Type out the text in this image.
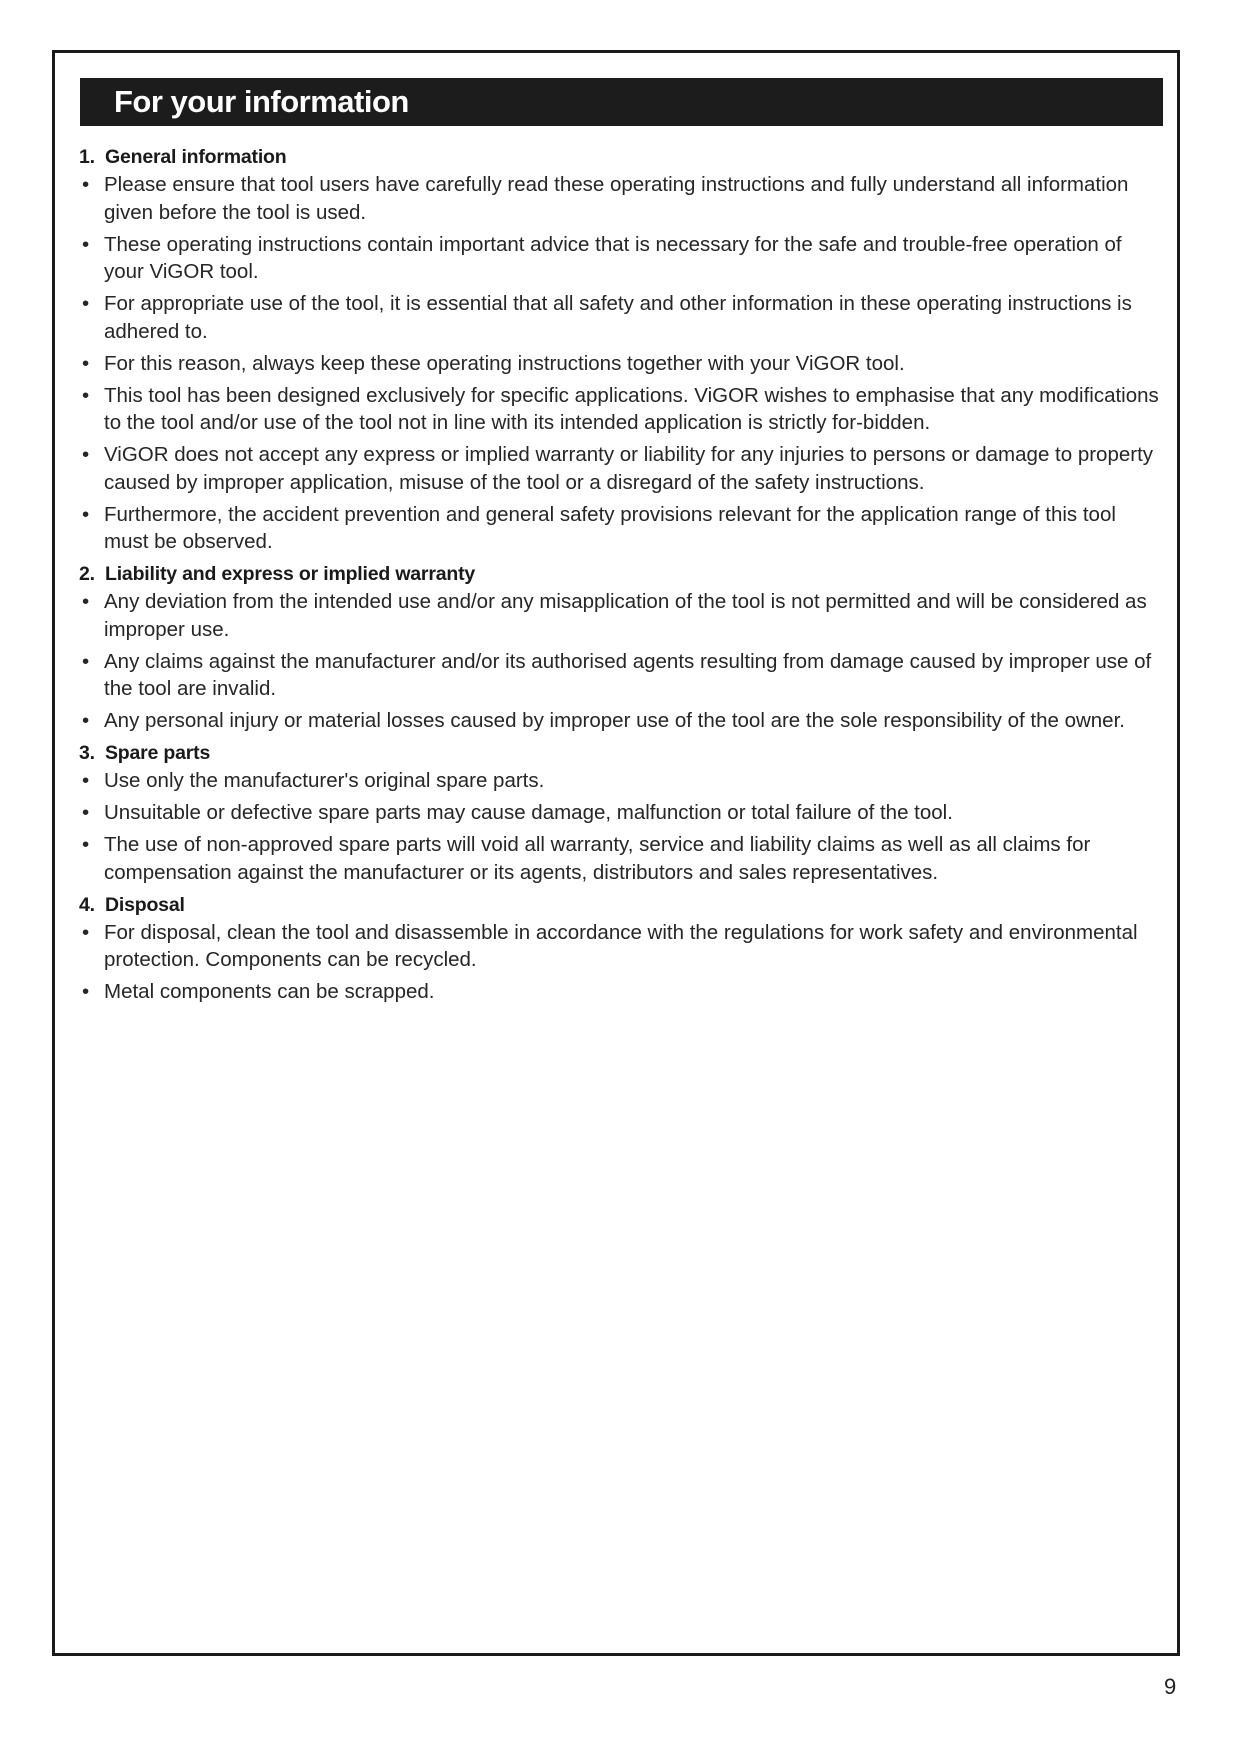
For your information
1. General information
• Please ensure that tool users have carefully read these operating instructions and fully understand all information given before the tool is used.
• These operating instructions contain important advice that is necessary for the safe and trouble-free operation of your ViGOR tool.
• For appropriate use of the tool, it is essential that all safety and other information in these operating instructions is adhered to.
• For this reason, always keep these operating instructions together with your ViGOR tool.
• This tool has been designed exclusively for specific applications. ViGOR wishes to emphasise that any modifications to the tool and/or use of the tool not in line with its intended application is strictly for-bidden.
• ViGOR does not accept any express or implied warranty or liability for any injuries to persons or damage to property caused by improper application, misuse of the tool or a disregard of the safety instructions.
• Furthermore, the accident prevention and general safety provisions relevant for the application range of this tool must be observed.
2. Liability and express or implied warranty
• Any deviation from the intended use and/or any misapplication of the tool is not permitted and will be considered as improper use.
• Any claims against the manufacturer and/or its authorised agents resulting from damage caused by improper use of the tool are invalid.
• Any personal injury or material losses caused by improper use of the tool are the sole responsibility of the owner.
3. Spare parts
• Use only the manufacturer's original spare parts.
• Unsuitable or defective spare parts may cause damage, malfunction or total failure of the tool.
• The use of non-approved spare parts will void all warranty, service and liability claims as well as all claims for compensation against the manufacturer or its agents, distributors and sales representatives.
4. Disposal
• For disposal, clean the tool and disassemble in accordance with the regulations for work safety and environmental protection. Components can be recycled.
• Metal components can be scrapped.
9
